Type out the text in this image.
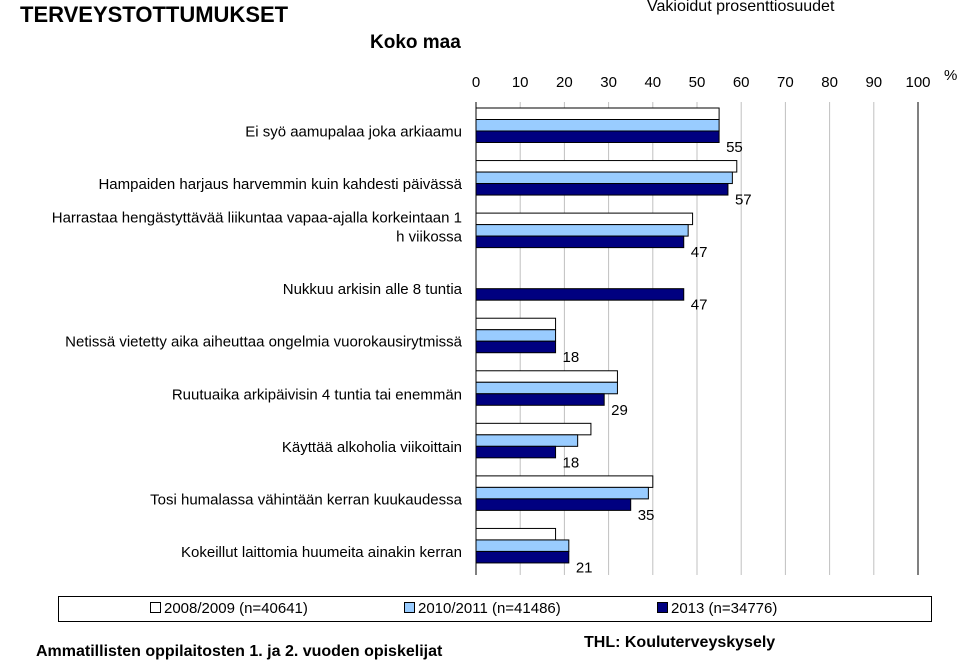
TERVEYSTOTTUMUKSET
Koko maa
Vakioidut prosenttiosuudet
0 10 20 30 40 50 60 70 80 90 100 %
55
Ei syö aamupalaa joka arkiaamu
57
Hampaiden harjaus harvemmin kuin kahdesti päivässä
47
Harrastaa hengästyttävää liikuntaa vapaa-ajalla korkeintaan 1
h viikossa
47
Nukkuu arkisin alle 8 tuntia
18
Netissä vietetty aika aiheuttaa ongelmia vuorokausirytmissä
29
Ruutuaika arkipäivisin 4 tuntia tai enemmän
18
Käyttää alkoholia viikoittain
35
Tosi humalassa vähintään kerran kuukaudessa
21
Kokeillut laittomia huumeita ainakin kerran
2008/2009 (n=40641)	2010/2011 (n=41486)	2013 (n=34776)
Ammatillisten oppilaitosten 1. ja 2. vuoden opiskelijat
THL: Kouluterveyskysely
